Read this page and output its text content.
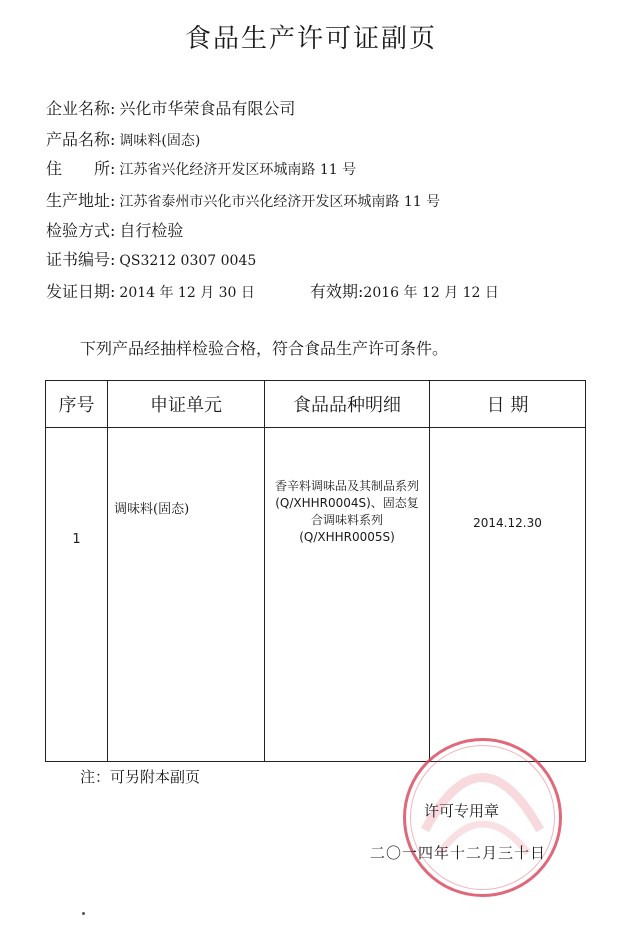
食品生产许可证副页
企业名称: 兴化市华荣食品有限公司
产品名称: 调味料(固态)
住　　所: 江苏省兴化经济开发区环城南路 11 号
生产地址: 江苏省泰州市兴化市兴化经济开发区环城南路 11 号
检验方式: 自行检验
证书编号: QS3212 0307 0045
发证日期: 2014 年 12 月 30 日	有效期:2016 年 12 月 12 日
下列产品经抽样检验合格，符合食品生产许可条件。
序号	申证单元	食品品种明细	日 期

1	调味料(固态)	香辛料调味品及其制品系列(Q/XHHR0004S)、固态复合调味料系列(Q/XHHR0005S)	2014.12.30
注：可另附本副页
许可专用章
二〇一四年十二月三十日
